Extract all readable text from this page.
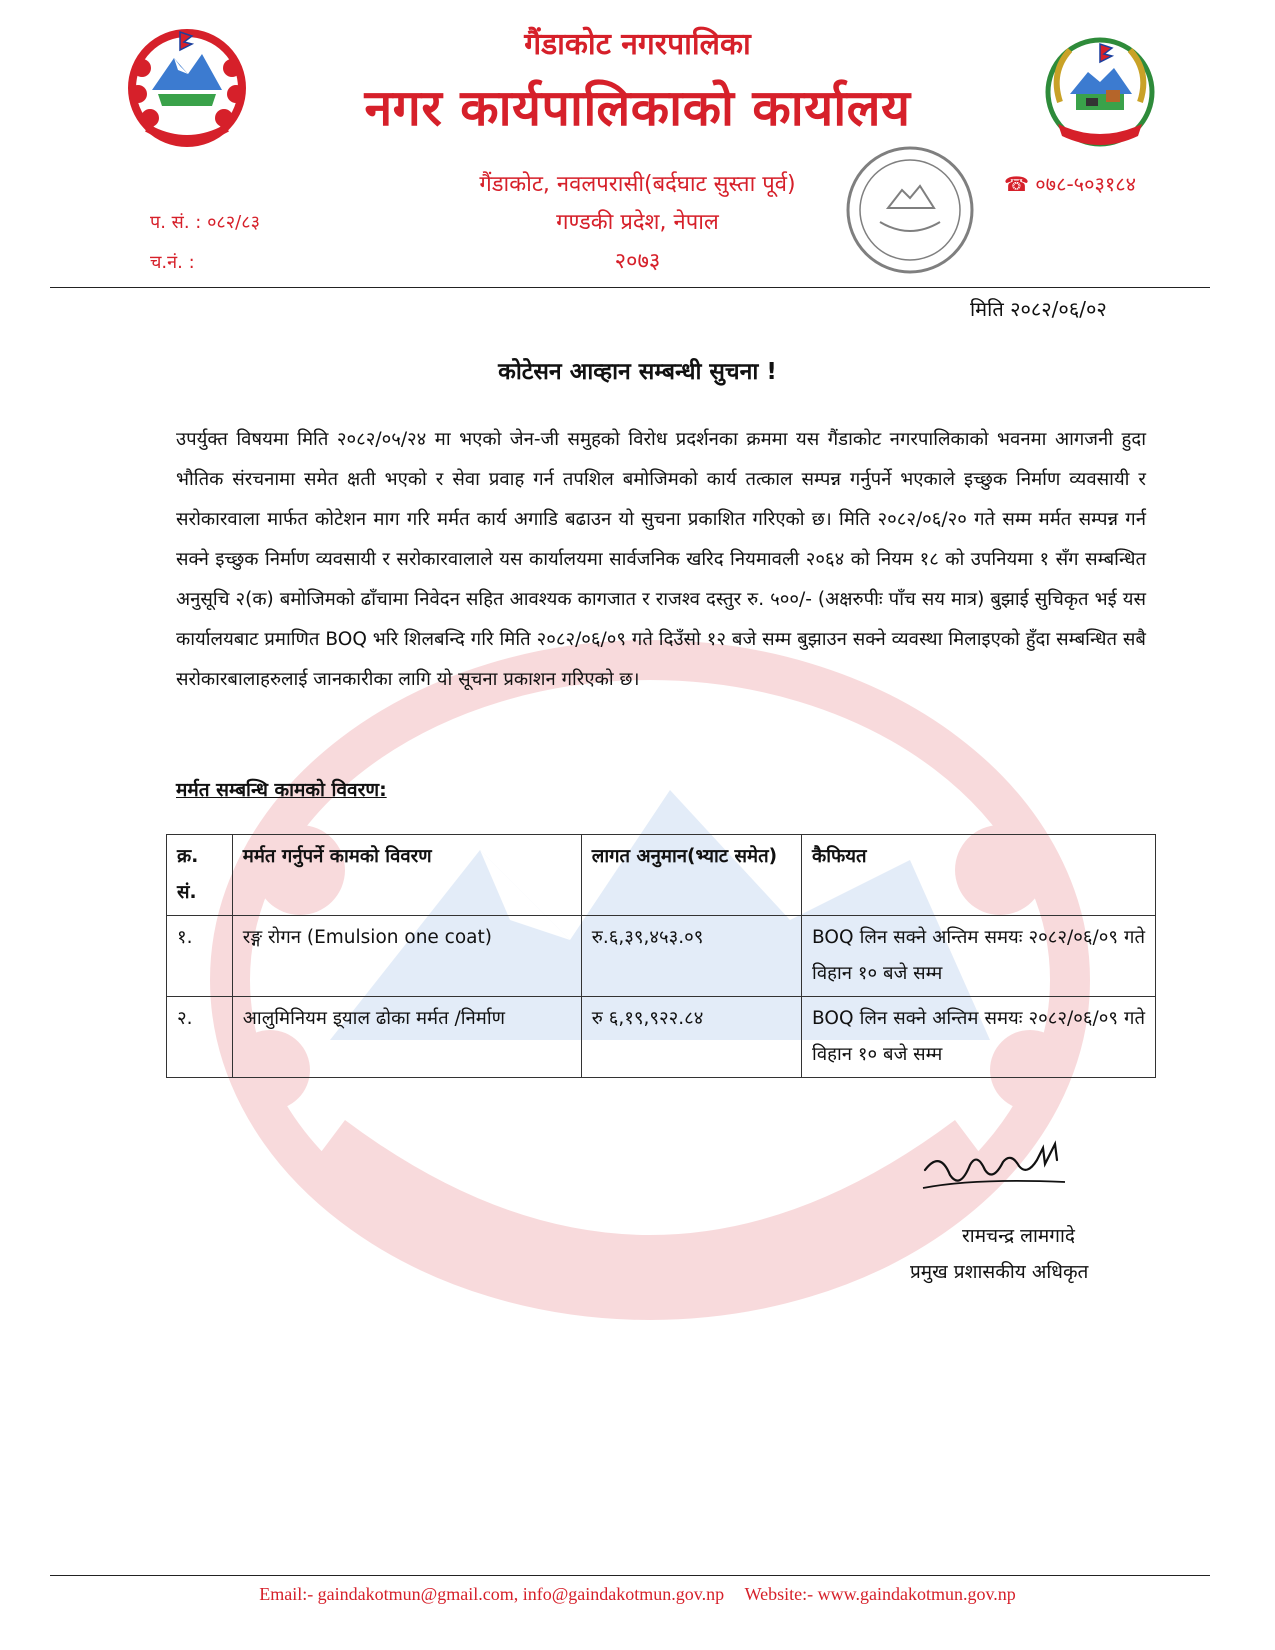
गैंडाकोट नगरपालिका
नगर कार्यपालिकाको कार्यालय
गैंडाकोट, नवलपरासी(बर्दघाट सुस्ता पूर्व)
गण्डकी प्रदेश, नेपाल
२०७३
प. सं. : ०८२/८३
च.नं. :
☎ ०७८-५०३१८४
मिति २०८२/०६/०२
कोटेसन आव्हान सम्बन्धी सुचना !
उपर्युक्त विषयमा मिति २०८२/०५/२४ मा भएको जेन-जी समुहको विरोध प्रदर्शनका क्रममा यस गैंडाकोट नगरपालिकाको भवनमा आगजनी हुदा भौतिक संरचनामा समेत क्षती भएको र सेवा प्रवाह गर्न तपशिल बमोजिमको कार्य तत्काल सम्पन्न गर्नुपर्ने भएकाले इच्छुक निर्माण व्यवसायी र सरोकारवाला मार्फत कोटेशन माग गरि मर्मत कार्य अगाडि बढाउन यो सुचना प्रकाशित गरिएको छ। मिति २०८२/०६/२० गते सम्म मर्मत सम्पन्न गर्न सक्ने इच्छुक निर्माण व्यवसायी र सरोकारवालाले यस कार्यालयमा सार्वजनिक खरिद नियमावली २०६४ को नियम १८ को उपनियमा १ सँग सम्बन्धित अनुसूचि २(क) बमोजिमको ढाँचामा निवेदन सहित आवश्यक कागजात र राजश्व दस्तुर रु. ५००/- (अक्षरुपीः पाँच सय मात्र) बुझाई सुचिकृत भई यस कार्यालयबाट प्रमाणित BOQ भरि शिलबन्दि गरि मिति २०८२/०६/०९ गते दिउँसो १२ बजे सम्म बुझाउन सक्ने व्यवस्था मिलाइएको हुँदा सम्बन्धित सबै सरोकारबालाहरुलाई जानकारीका लागि यो सूचना प्रकाशन गरिएको छ।
मर्मत सम्बन्धि कामको विवरण:
क्र. सं.	मर्मत गर्नुपर्ने कामको विवरण	लागत अनुमान(भ्याट समेत)	कैफियत
१.	रङ्ग रोगन (Emulsion one coat)	रु.६,३९,४५३.०९	BOQ लिन सक्ने अन्तिम समयः २०८२/०६/०९ गते विहान १० बजे सम्म
२.	आलुमिनियम इ्याल ढोका मर्मत /निर्माण	रु ६,१९,९२२.८४	BOQ लिन सक्ने अन्तिम समयः २०८२/०६/०९ गते विहान १० बजे सम्म
रामचन्द्र लामगादे
प्रमुख प्रशासकीय अधिकृत
Email:- gaindakotmun@gmail.com, info@gaindakotmun.gov.np Website:- www.gaindakotmun.gov.np
